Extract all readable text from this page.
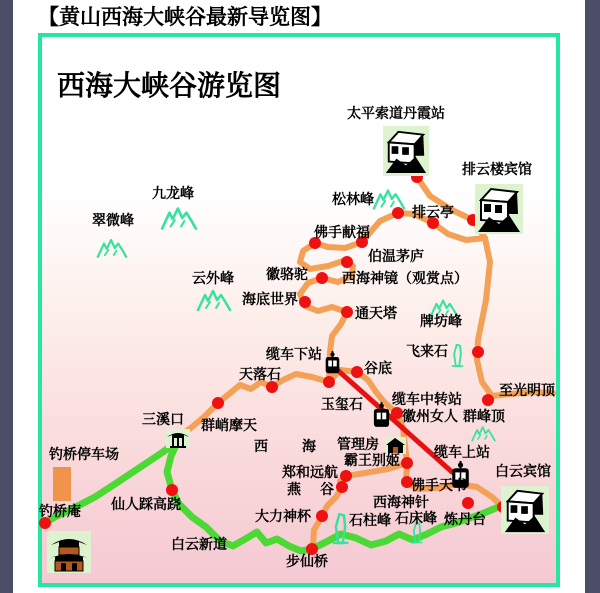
【黄山西海大峡谷最新导览图】
西海大峡谷游览图
太平索道丹霞站
排云楼宾馆
九龙峰
翠微峰
松林峰
排云亭
佛手献福
伯温茅庐
徽骆驼
云外峰	西海神镜（观赏点）
海底世界
通天塔 牌坊峰
飞来石
缆车下站
天落石	谷底
至光明顶
玉玺石 缆车中转站
徽州女人 群峰顶
三溪口 群峭摩天
西 海 管理房
霸王别姬
郑和远航
燕 谷
缆车上站
白云宾馆
佛手天书
西海神针
石柱峰 石床峰 炼丹台
钓桥停车场
钓桥庵 仙人踩高跷
白云新道
大力神杯
步仙桥
